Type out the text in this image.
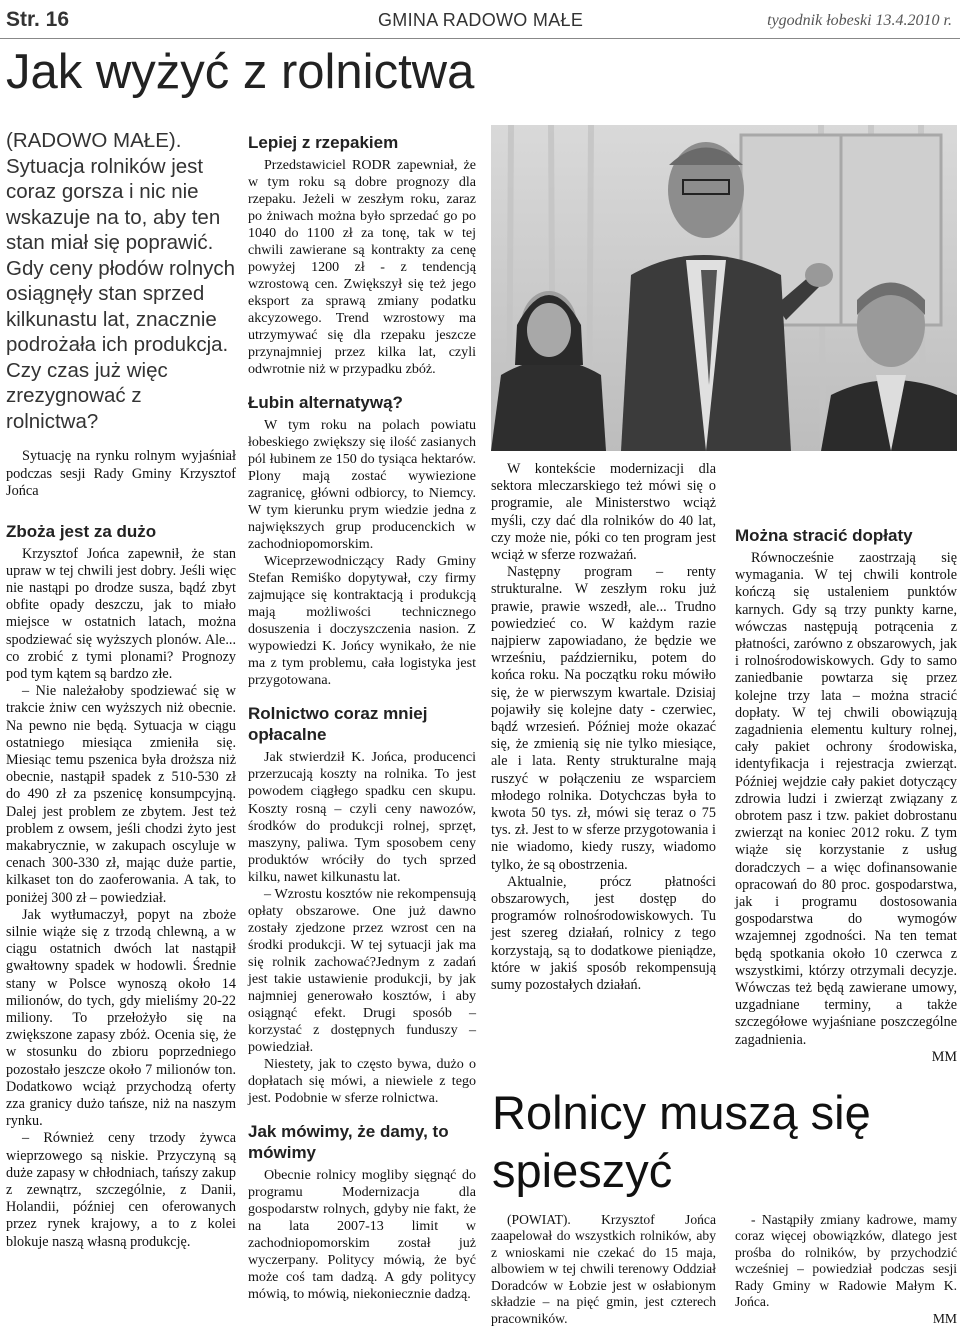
Str. 16	GMINA RADOWO MAŁE	tygodnik łobeski 13.4.2010 r.
Jak wyżyć z rolnictwa
(RADOWO MAŁE). Sytuacja rolników jest coraz gorsza i nic nie wskazuje na to, aby ten stan miał się poprawić. Gdy ceny płodów rolnych osiągnęły stan sprzed kilkunastu lat, znacznie podrożała ich produkcja. Czy czas już więc zrezygnować z rolnictwa?

Sytuację na rynku rolnym wyjaśniał podczas sesji Rady Gminy Krzysztof Jońca

Zboża jest za dużo

Krzysztof Jońca zapewnił, że stan upraw w tej chwili jest dobry. Jeśli więc nie nastąpi po drodze susza, bądź zbyt obfite opady deszczu, jak to miało miejsce w ostatnich latach, można spodziewać się wyższych plonów. Ale... co zrobić z tymi plonami? Prognozy pod tym kątem są bardzo złe.

– Nie należałoby spodziewać się w trakcie żniw cen wyższych niż obecnie. Na pewno nie będą. Sytuacja w ciągu ostatniego miesiąca zmieniła się. Miesiąc temu pszenica była droższa niż obecnie, nastąpił spadek z 510-530 zł do 490 zł za pszenicę konsumpcyjną. Dalej jest problem ze zbytem. Jest też problem z owsem, jeśli chodzi żyto jest makabrycznie, w zakupach oscyluje w cenach 300-330 zł, mając duże partie, kilkaset ton do zaoferowania. A tak, to poniżej 300 zł – powiedział.

Jak wytłumaczył, popyt na zboże silnie wiąże się z trzodą chlewną, a w ciągu ostatnich dwóch lat nastąpił gwałtowny spadek w hodowli. Średnie stany w Polsce wynoszą około 14 milionów, do tych, gdy mieliśmy 20-22 miliony. To przełożyło się na zwiększone zapasy zbóż. Ocenia się, że w stosunku do zbioru poprzedniego pozostało jeszcze około 7 milionów ton. Dodatkowo wciąż przychodzą oferty zza granicy dużo tańsze, niż na naszym rynku.

– Również ceny trzody żywca wieprzowego są niskie. Przyczyną są duże zapasy w chłodniach, tańszy zakup z zewnątrz, szczególnie, z Danii, Holandii, później cen oferowanych przez rynek krajowy, a to z kolei blokuje naszą własną produkcję.

Lepiej z rzepakiem

Przedstawiciel RODR zapewniał, że w tym roku są dobre prognozy dla rzepaku. Jeżeli w zeszłym roku, zaraz po żniwach można było sprzedać go po 1040 do 1100 zł za tonę, tak w tej chwili zawierane są kontrakty za cenę powyżej 1200 zł - z tendencją wzrostową cen. Zwiększył się też jego eksport za sprawą zmiany podatku akcyzowego. Trend wzrostowy ma utrzymywać się dla rzepaku jeszcze przynajmniej przez kilka lat, czyli odwrotnie niż w przypadku zbóż.

Łubin alternatywą?

W tym roku na polach powiatu łobeskiego zwiększy się ilość zasianych pól łubinem ze 150 do tysiąca hektarów. Plony mają zostać wywiezione zagranicę, główni odbiorcy, to Niemcy. W tym kierunku prym wiedzie jedna z największych grup producenckich w zachodniopomorskim.

Wiceprzewodniczący Rady Gminy Stefan Remiśko dopytywał, czy firmy zajmujące się kontraktacją i produkcją mają możliwości technicznego dosuszenia i doczyszczenia nasion. Z wypowiedzi K. Jońcy wynikało, że nie ma z tym problemu, cała logistyka jest przygotowana.

Rolnictwo coraz mniej opłacalne

Jak stwierdził K. Jońca, producenci przerzucają koszty na rolnika. To jest powodem ciągłego spadku cen skupu. Koszty rosną – czyli ceny nawozów, środków do produkcji rolnej, sprzęt, maszyny, paliwa. Tym sposobem ceny produktów wróciły do tych sprzed kilku, nawet kilkunastu lat.

– Wzrostu kosztów nie rekompensują opłaty obszarowe. One już dawno zostały zjedzone przez wzrost cen na środki produkcji. W tej sytuacji jak ma się rolnik zachować?Jednym z zadań jest takie ustawienie produkcji, by jak najmniej generowało kosztów, i aby osiągnąć efekt. Drugi sposób – korzystać z dostępnych funduszy – powiedział.

Niestety, jak to często bywa, dużo o dopłatach się mówi, a niewiele z tego jest. Podobnie w sferze rolnictwa.

Jak mówimy, że damy, to mówimy

Obecnie rolnicy mogliby sięgnąć do programu Modernizacja dla gospodarstw rolnych, gdyby nie fakt, że na lata 2007-13 limit w zachodniopomorskim został już wyczerpany. Politycy mówią, że być może coś tam dadzą. A gdy politycy mówią, to mówią, niekoniecznie dadzą.

W kontekście modernizacji dla sektora mleczarskiego też mówi się o programie, ale Ministerstwo wciąż myśli, czy dać dla rolników do 40 lat, czy może nie, póki co ten program jest wciąż w sferze rozważań.

Następny program – renty strukturalne. W zeszłym roku już prawie, prawie wszedł, ale... Trudno powiedzieć co. W każdym razie najpierw zapowiadano, że będzie we wrześniu, październiku, potem do końca roku. Na początku roku mówiło się, że w pierwszym kwartale. Dzisiaj pojawiły się kolejne daty - czerwiec, bądź wrzesień. Później może okazać się, że zmienią się nie tylko miesiące, ale i lata. Renty strukturalne mają ruszyć w połączeniu ze wsparciem młodego rolnika. Dotychczas była to kwota 50 tys. zł, mówi się teraz o 75 tys. zł. Jest to w sferze przygotowania i nie wiadomo, kiedy ruszy, wiadomo tylko, że są obostrzenia.

Aktualnie, prócz płatności obszarowych, jest dostęp do programów rolnośrodowiskowych. Tu jest szereg działań, rolnicy z tego korzystają, są to dodatkowe pieniądze, które w jakiś sposób rekompensują sumy pozostałych działań.

Można stracić dopłaty

Równocześnie zaostrzają się wymagania. W tej chwili kontrole kończą się ustaleniem punktów karnych. Gdy są trzy punkty karne, wówczas następują potrącenia z płatności, zarówno z obszarowych, jak i rolnośrodowiskowych. Gdy to samo zaniedbanie powtarza się przez kolejne trzy lata – można stracić dopłaty. W tej chwili obowiązują zagadnienia elementu kultury rolnej, cały pakiet ochrony środowiska, identyfikacja i rejestracja zwierząt. Później wejdzie cały pakiet dotyczący zdrowia ludzi i zwierząt związany z obrotem pasz i tzw. pakiet dobrostanu zwierząt na koniec 2012 roku. Z tym wiąże się korzystanie z usług doradczych – a więc dofinansowanie opracowań do 80 proc. gospodarstwa, jak i programu dostosowania gospodarstwa do wymogów wzajemnej zgodności. Na ten temat będą spotkania około 10 czerwca z wszystkimi, którzy otrzymali decyzje. Wówczas też będą zawierane umowy, uzgadniane terminy, a także szczegółowe wyjaśniane poszczególne zagadnienia.

MM

Rolnicy muszą się spieszyć

(POWIAT). Krzysztof Jońca zaapelował do wszystkich rolników, aby z wnioskami nie czekać do 15 maja, albowiem w tej chwili terenowy Oddział Doradców w Łobzie jest w osłabionym składzie – na pięć gmin, jest czterech pracowników.

- Nastąpiły zmiany kadrowe, mamy coraz więcej obowiązków, dlatego jest prośba do rolników, by przychodzić wcześniej – powiedział podczas sesji Rady Gminy w Radowie Małym K. Jońca.

MM
